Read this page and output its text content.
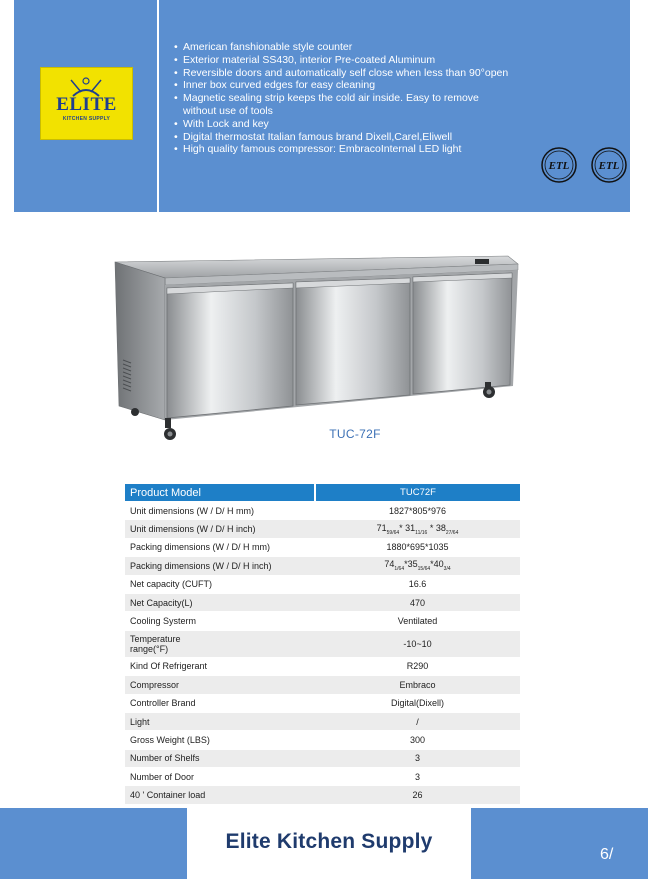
ELITE
KITCHEN SUPPLY
• American fanshionable style counter
• Exterior material SS430, interior Pre-coated Aluminum
• Reversible doors and automatically self close when less than 90°open
• Inner box curved edges for easy cleaning
• Magnetic sealing strip keeps the cold air inside. Easy to remove without use of tools
• With Lock and key
• Digital thermostat Italian famous brand Dixell,Carel,Eliwell
• High quality famous compressor: EmbracoInternal LED light
ETL	ETL
TUC-72F
Product Model	TUC72F
Unit dimensions (W / D/ H mm)	1827*805*976
Unit dimensions (W / D/ H inch)	$71_{59/64}*$ $31_{11/16} * 38_{27/64}$
Packing dimensions (W / D/ H mm)	1880*695*1035
Packing dimensions (W / D/ H inch)	$74_{1/64}*35_{15/64}*40_{3/4}$
Net capacity (CUFT)	16.6
Net Capacity(L)	470
Cooling Systerm	Ventilated
Temperature
range(°F)	-10~10
Kind Of Refrigerant	R290
Compressor	Embraco
Controller Brand	Digital(Dixell)
Light	/
Gross Weight (LBS)	300
Number of Shelfs	3
Number of Door	3
40 ' Container load	26
Elite Kitchen Supply
6/
